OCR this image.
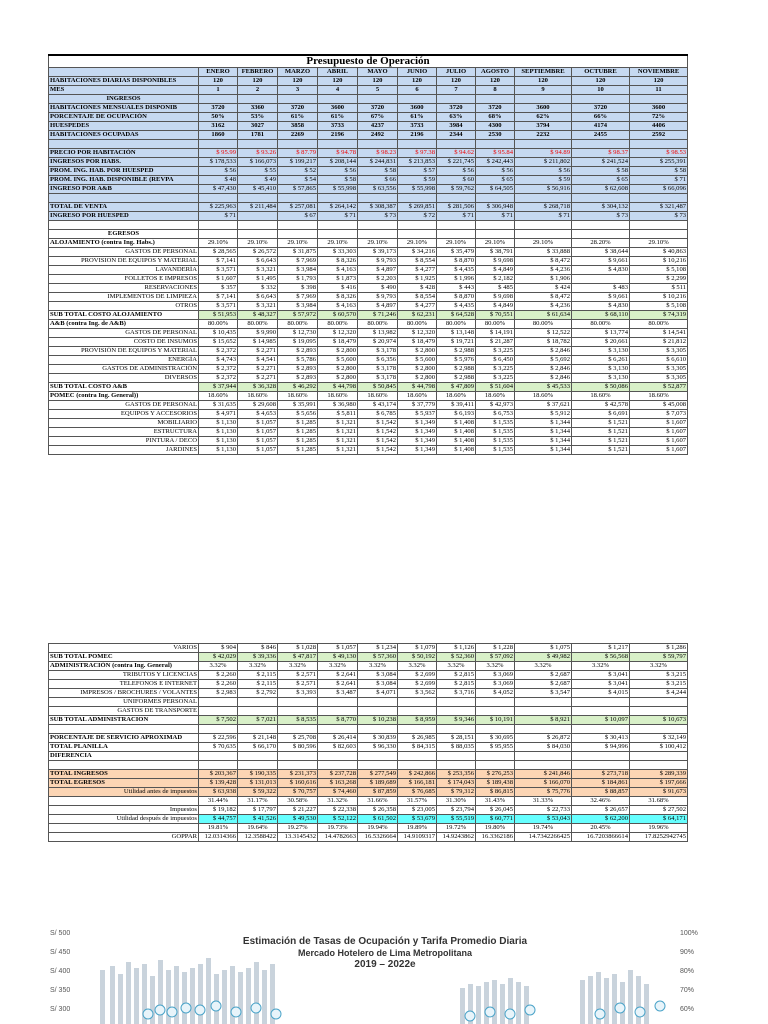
Presupuesto de Operación											
	ENERO	FEBRERO	MARZO	ABRIL	MAYO	JUNIO	JULIO	AGOSTO	SEPTIEMBRE	OCTUBRE	NOVIEMBRE
HABITACIONES DIARIAS DISPONIBLES	120	120	120	120	120	120	120	120	120	120	120
MES	1	2	3	4	5	6	7	8	9	10	11
INGRESOS											
HABITACIONES MENSUALES DISPONIB	3720	3360	3720	3600	3720	3600	3720	3720	3600	3720	3600
PORCENTAJE DE OCUPACIÓN	50%	53%	61%	61%	67%	61%	63%	68%	62%	66%	72%
HUESPEDES	3162	3027	3858	3733	4237	3733	3984	4300	3794	4174	4406
HABITACIONES OCUPADAS	1860	1781	2269	2196	2492	2196	2344	2530	2232	2455	2592

PRECIO POR HABITACIÓN	$ 95.99	$ 93.26	$ 87.79	$ 94.78	$ 98.23	$ 97.38	$ 94.62	$ 95.84	$ 94.89	$ 98.37	$ 98.53
INGRESOS POR HABS.	$ 178,533	$ 166,073	$ 199,217	$ 208,144	$ 244,831	$ 213,853	$ 221,745	$ 242,443	$ 211,802	$ 241,524	$ 255,391
PROM. ING. HAB. POR HUESPED	$ 56	$ 55	$ 52	$ 56	$ 58	$ 57	$ 56	$ 56	$ 56	$ 58	$ 58
PROM. ING. HAB. DISPONIBLE (REVPA	$ 48	$ 49	$ 54	$ 58	$ 66	$ 59	$ 60	$ 65	$ 59	$ 65	$ 71
INGRESO POR A&B	$ 47,430	$ 45,410	$ 57,865	$ 55,998	$ 63,556	$ 55,998	$ 59,762	$ 64,505	$ 56,916	$ 62,608	$ 66,096

TOTAL DE VENTA	$ 225,963	$ 211,484	$ 257,081	$ 264,142	$ 308,387	$ 269,851	$ 281,506	$ 306,948	$ 268,718	$ 304,132	$ 321,487
INGRESO POR HUESPED	$ 71		$ 67	$ 71	$ 73	$ 72	$ 71	$ 71	$ 71	$ 73	$ 73

EGRESOS											
ALOJAMIENTO (contra Ing. Habs.)	29.10%	29.10%	29.10%	29.10%	29.10%	29.10%	29.10%	29.10%	29.10%	28.20%	29.10%
GASTOS DE PERSONAL	$ 28,565	$ 26,572	$ 31,875	$ 33,303	$ 39,173	$ 34,216	$ 35,479	$ 38,791	$ 33,888	$ 38,644	$ 40,863
PROVISION DE EQUIPOS Y MATERIAL	$ 7,141	$ 6,643	$ 7,969	$ 8,326	$ 9,793	$ 8,554	$ 8,870	$ 9,698	$ 8,472	$ 9,661	$ 10,216
LAVANDERÍA	$ 3,571	$ 3,321	$ 3,984	$ 4,163	$ 4,897	$ 4,277	$ 4,435	$ 4,849	$ 4,236	$ 4,830	$ 5,108
FOLLETOS E IMPRESOS	$ 1,607	$ 1,495	$ 1,793	$ 1,873	$ 2,203	$ 1,925	$ 1,996	$ 2,182	$ 1,906		$ 2,299
RESERVACIONES	$ 357	$ 332	$ 398	$ 416	$ 490	$ 428	$ 443	$ 485	$ 424	$ 483	$ 511
IMPLEMENTOS DE LIMPIEZA	$ 7,141	$ 6,643	$ 7,969	$ 8,326	$ 9,793	$ 8,554	$ 8,870	$ 9,698	$ 8,472	$ 9,661	$ 10,216
OTROS	$ 3,571	$ 3,321	$ 3,984	$ 4,163	$ 4,897	$ 4,277	$ 4,435	$ 4,849	$ 4,236	$ 4,830	$ 5,108
SUB TOTAL COSTO ALOJAMIENTO	$ 51,953	$ 48,327	$ 57,972	$ 60,570	$ 71,246	$ 62,231	$ 64,528	$ 70,551	$ 61,634	$ 68,110	$ 74,319
A&B (contra Ing. de A&B)	80.00%	80.00%	80.00%	80.00%	80.00%	80.00%	80.00%	80.00%	80.00%	80.00%	80.00%
GASTOS DE PERSONAL	$ 10,435	$ 9,990	$ 12,730	$ 12,320	$ 13,982	$ 12,320	$ 13,148	$ 14,191	$ 12,522	$ 13,774	$ 14,541
COSTO DE INSUMOS	$ 15,652	$ 14,985	$ 19,095	$ 18,479	$ 20,974	$ 18,479	$ 19,721	$ 21,287	$ 18,782	$ 20,661	$ 21,812
PROVISIÓN DE EQUIPOS Y MATERIAL	$ 2,372	$ 2,271	$ 2,893	$ 2,800	$ 3,178	$ 2,800	$ 2,988	$ 3,225	$ 2,846	$ 3,130	$ 3,305
ENERGÍA	$ 4,743	$ 4,541	$ 5,786	$ 5,600	$ 6,356	$ 5,600	$ 5,976	$ 6,450	$ 5,692	$ 6,261	$ 6,610
GASTOS DE ADMINISTRACIÓN	$ 2,372	$ 2,271	$ 2,893	$ 2,800	$ 3,178	$ 2,800	$ 2,988	$ 3,225	$ 2,846	$ 3,130	$ 3,305
DIVERSOS	$ 2,372	$ 2,271	$ 2,893	$ 2,800	$ 3,178	$ 2,800	$ 2,988	$ 3,225	$ 2,846	$ 3,130	$ 3,305
SUB TOTAL COSTO A&B	$ 37,944	$ 36,328	$ 46,292	$ 44,798	$ 50,845	$ 44,798	$ 47,809	$ 51,604	$ 45,533	$ 50,086	$ 52,877
POMEC (contra Ing. General))	18.60%	18.60%	18.60%	18.60%	18.60%	18.60%	18.60%	18.60%	18.60%	18.60%	18.60%
GASTOS DE PERSONAL	$ 31,635	$ 29,608	$ 35,991	$ 36,980	$ 43,174	$ 37,779	$ 39,411	$ 42,973	$ 37,621	$ 42,578	$ 45,008
EQUIPOS Y ACCESORIOS	$ 4,971	$ 4,653	$ 5,656	$ 5,811	$ 6,785	$ 5,937	$ 6,193	$ 6,753	$ 5,912	$ 6,691	$ 7,073
MOBILIARIO	$ 1,130	$ 1,057	$ 1,285	$ 1,321	$ 1,542	$ 1,349	$ 1,408	$ 1,535	$ 1,344	$ 1,521	$ 1,607
ESTRUCTURA	$ 1,130	$ 1,057	$ 1,285	$ 1,321	$ 1,542	$ 1,349	$ 1,408	$ 1,535	$ 1,344	$ 1,521	$ 1,607
PINTURA / DECO	$ 1,130	$ 1,057	$ 1,285	$ 1,321	$ 1,542	$ 1,349	$ 1,408	$ 1,535	$ 1,344	$ 1,521	$ 1,607
JARDINES	$ 1,130	$ 1,057	$ 1,285	$ 1,321	$ 1,542	$ 1,349	$ 1,408	$ 1,535	$ 1,344	$ 1,521	$ 1,607
VARIOS	$ 904	$ 846	$ 1,028	$ 1,057	$ 1,234	$ 1,079	$ 1,126	$ 1,228	$ 1,075	$ 1,217	$ 1,286
SUB TOTAL POMEC	$ 42,029	$ 39,336	$ 47,817	$ 49,130	$ 57,360	$ 50,192	$ 52,360	$ 57,092	$ 49,982	$ 56,568	$ 59,797
ADMINISTRACIÓN (contra Ing. General)	3.32%	3.32%	3.32%	3.32%	3.32%	3.32%	3.32%	3.32%	3.32%	3.32%	3.32%
TRIBUTOS Y LICENCIAS	$ 2,260	$ 2,115	$ 2,571	$ 2,641	$ 3,084	$ 2,699	$ 2,815	$ 3,069	$ 2,687	$ 3,041	$ 3,215
TELEFONOS E INTERNET	$ 2,260	$ 2,115	$ 2,571	$ 2,641	$ 3,084	$ 2,699	$ 2,815	$ 3,069	$ 2,687	$ 3,041	$ 3,215
IMPRESOS / BROCHURES / VOLANTES	$ 2,983	$ 2,792	$ 3,393	$ 3,487	$ 4,071	$ 3,562	$ 3,716	$ 4,052	$ 3,547	$ 4,015	$ 4,244
UNIFORMES PERSONAL											
GASTOS DE TRANSPORTE											
SUB TOTAL ADMINISTRACION	$ 7,502	$ 7,021	$ 8,535	$ 8,770	$ 10,238	$ 8,959	$ 9,346	$ 10,191	$ 8,921	$ 10,097	$ 10,673

PORCENTAJE DE SERVICIO APROXIMAD	$ 22,596	$ 21,148	$ 25,708	$ 26,414	$ 30,839	$ 26,985	$ 28,151	$ 30,695	$ 26,872	$ 30,413	$ 32,149
TOTAL PLANILLA	$ 70,635	$ 66,170	$ 80,596	$ 82,603	$ 96,330	$ 84,315	$ 88,035	$ 95,955	$ 84,030	$ 94,996	$ 100,412
DIFERENCIA											

TOTAL INGRESOS	$ 203,367	$ 190,335	$ 231,373	$ 237,728	$ 277,549	$ 242,866	$ 253,356	$ 276,253	$ 241,846	$ 273,718	$ 289,339
TOTAL EGRESOS	$ 139,428	$ 131,013	$ 160,616	$ 163,268	$ 189,689	$ 166,181	$ 174,043	$ 189,438	$ 166,070	$ 184,861	$ 197,666
Utilidad antes de impuestos	$ 63,938	$ 59,322	$ 70,757	$ 74,460	$ 87,859	$ 76,685	$ 79,312	$ 86,815	$ 75,776	$ 88,857	$ 91,673
	31.44%	31.17%	30.58%	31.32%	31.66%	31.57%	31.30%	31.43%	31.33%	32.46%	31.68%
Impuestos	$ 19,182	$ 17,797	$ 21,227	$ 22,338	$ 26,358	$ 23,005	$ 23,794	$ 26,045	$ 22,733	$ 26,657	$ 27,502
Utilidad después de impuestos	$ 44,757	$ 41,526	$ 49,530	$ 52,122	$ 61,502	$ 53,679	$ 55,519	$ 60,771	$ 53,043	$ 62,200	$ 64,171
	19.81%	19.64%	19.27%	19.73%	19.94%	19.89%	19.72%	19.80%	19.74%	20.45%	19.96%
GOPPAR	12.0314366	12.3588422	13.3145432	14.4782663	16.5326664	14.9109317	14.9243862	16.3362186	14.7342266425	16.7203866614	17.8252942745
Estimación de Tasas de Ocupación y Tarifa Promedio Diaria
Mercado Hotelero de Lima Metropolitana
2019 – 2022e
S/ 500
S/ 450
S/ 400
S/ 350
S/ 300
100%
90%
80%
70%
60%
